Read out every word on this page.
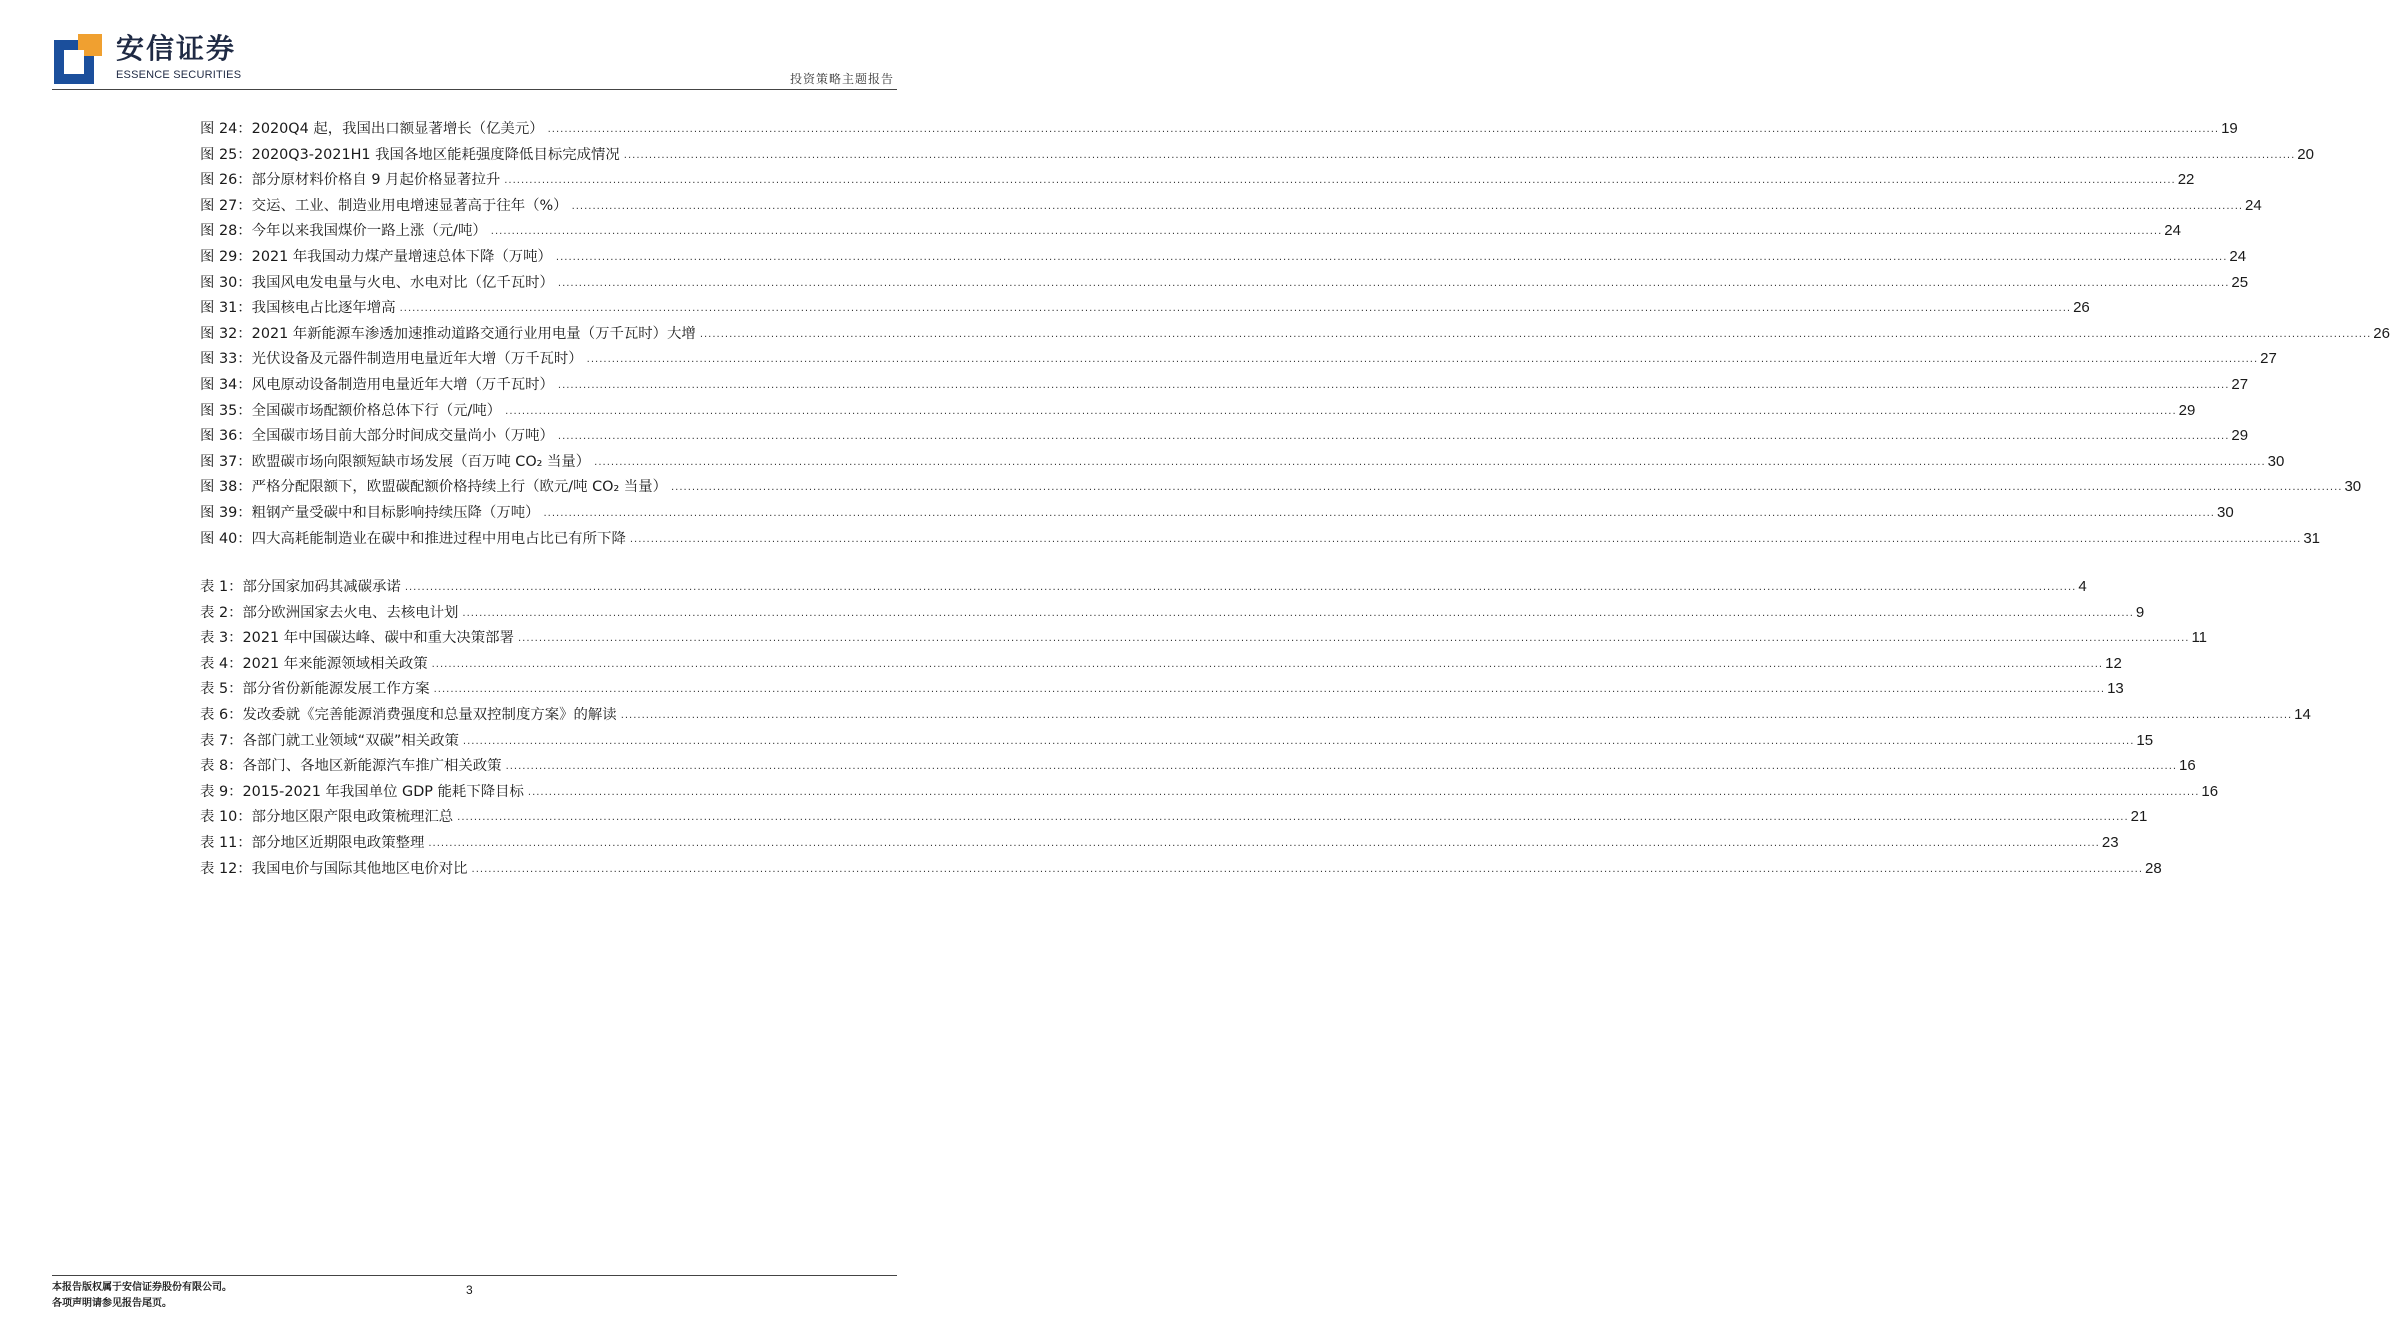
安信证券
ESSENCE SECURITIES	投资策略主题报告
图 24： 2020Q4 起，我国出口额显著增长（亿美元） ................................................................................................................................................................................................................................................................................................................................................................................................................ 19
图 25： 2020Q3-2021H1 我国各地区能耗强度降低目标完成情况 ................................................................................................................................................................................................................................................................................................................................................................................................................ 20
图 26： 部分原材料价格自 9 月起价格显著拉升 ................................................................................................................................................................................................................................................................................................................................................................................................................ 22
图 27： 交运、工业、制造业用电增速显著高于往年（%） ................................................................................................................................................................................................................................................................................................................................................................................................................ 24
图 28： 今年以来我国煤价一路上涨（元/吨） ................................................................................................................................................................................................................................................................................................................................................................................................................ 24
图 29： 2021 年我国动力煤产量增速总体下降（万吨） ................................................................................................................................................................................................................................................................................................................................................................................................................ 24
图 30： 我国风电发电量与火电、水电对比（亿千瓦时） ................................................................................................................................................................................................................................................................................................................................................................................................................ 25
图 31： 我国核电占比逐年增高 ................................................................................................................................................................................................................................................................................................................................................................................................................ 26
图 32： 2021 年新能源车渗透加速推动道路交通行业用电量（万千瓦时）大增 ................................................................................................................................................................................................................................................................................................................................................................................................................ 26
图 33： 光伏设备及元器件制造用电量近年大增（万千瓦时） ................................................................................................................................................................................................................................................................................................................................................................................................................ 27
图 34： 风电原动设备制造用电量近年大增（万千瓦时） ................................................................................................................................................................................................................................................................................................................................................................................................................ 27
图 35： 全国碳市场配额价格总体下行（元/吨） ................................................................................................................................................................................................................................................................................................................................................................................................................ 29
图 36： 全国碳市场目前大部分时间成交量尚小（万吨） ................................................................................................................................................................................................................................................................................................................................................................................................................ 29
图 37： 欧盟碳市场向限额短缺市场发展（百万吨 CO₂ 当量） ................................................................................................................................................................................................................................................................................................................................................................................................................ 30
图 38： 严格分配限额下，欧盟碳配额价格持续上行（欧元/吨 CO₂ 当量） ................................................................................................................................................................................................................................................................................................................................................................................................................ 30
图 39： 粗钢产量受碳中和目标影响持续压降（万吨） ................................................................................................................................................................................................................................................................................................................................................................................................................ 30
图 40： 四大高耗能制造业在碳中和推进过程中用电占比已有所下降 ................................................................................................................................................................................................................................................................................................................................................................................................................ 31
表 1： 部分国家加码其减碳承诺 ................................................................................................................................................................................................................................................................................................................................................................................................................ 4
表 2： 部分欧洲国家去火电、去核电计划 ................................................................................................................................................................................................................................................................................................................................................................................................................ 9
表 3： 2021 年中国碳达峰、碳中和重大决策部署 ................................................................................................................................................................................................................................................................................................................................................................................................................ 11
表 4： 2021 年来能源领域相关政策 ................................................................................................................................................................................................................................................................................................................................................................................................................ 12
表 5： 部分省份新能源发展工作方案 ................................................................................................................................................................................................................................................................................................................................................................................................................ 13
表 6： 发改委就《完善能源消费强度和总量双控制度方案》的解读 ................................................................................................................................................................................................................................................................................................................................................................................................................ 14
表 7： 各部门就工业领域“双碳”相关政策 ................................................................................................................................................................................................................................................................................................................................................................................................................ 15
表 8： 各部门、各地区新能源汽车推广相关政策 ................................................................................................................................................................................................................................................................................................................................................................................................................ 16
表 9： 2015-2021 年我国单位 GDP 能耗下降目标 ................................................................................................................................................................................................................................................................................................................................................................................................................ 16
表 10： 部分地区限产限电政策梳理汇总 ................................................................................................................................................................................................................................................................................................................................................................................................................ 21
表 11： 部分地区近期限电政策整理 ................................................................................................................................................................................................................................................................................................................................................................................................................ 23
表 12： 我国电价与国际其他地区电价对比 ................................................................................................................................................................................................................................................................................................................................................................................................................ 28
本报告版权属于安信证券股份有限公司。
各项声明请参见报告尾页。
3
